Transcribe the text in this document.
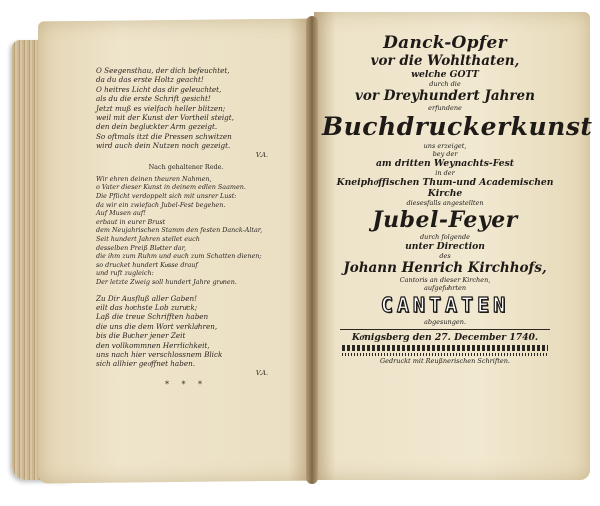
O Seegensthau, der dich befeuchtet,
da du das erste Holtz geacht!
O heitres Licht das dir geleuchtet,
als du die erste Schrift gesicht!
Jetzt muß es vielfach heller blitzen;
weil mit der Kunst der Vortheil steigt,
den dein begluͤckter Arm gezeigt.
So oftmals itzt die Pressen schwitzen
wird auch dein Nutzen noch gezeigt.
V.A.
Nach gehaltener Rede.
Wir ehren deinen theuren Nahmen,
o Vater dieser Kunst in deinem edlen Saamen.
Die Pflicht verdoppelt sich mit unsrer Lust:
da wir ein zwiefach Jubel-Fest begehen.
Auf Musen auf!
erbaut in eurer Brust
dem Neujahrischen Stamm den festen Danck-Altar,
Seit hundert Jahren stellet euch
desselben Preiß Blaͤtter dar,
die ihm zum Ruhm und euch zum Schatten dienen;
so drucket hundert Kuͤsse drauf
und ruft zugleich:
Der letzte Zweig soll hundert Jahre gruͤnen.
Zu Dir Ausfluß aller Gaben!
eilt das hoͤchste Lob zuruͤck;
Laß die treue Schrifften haben
die uns die dem Wort verklaͤhren,
bis die Buͤcher jener Zeit
den vollkommnen Herrlichkeit,
uns nach hier verschlossnem Blick
sich allhier geoͤffnet haben.
V.A.
* * *
Danck-Opfer
vor die Wohlthaten,
welche GOTT
durch die
vor Dreyhundert Jahren
erfundene
Buchdruckerkunst
uns erzeiget,
bey der
am dritten Weynachts-Fest
in der
Kneiphoͤffischen Thum-und Academischen
Kirche
diesesfalls angestellten
Jubel-Feyer
durch folgende
unter Direction
des
Johann Henrich Kirchhofs,
Cantoris an dieser Kirchen,
aufgefuͤhrten
CANTATEN
abgesungen.
Koͤnigsberg den 27. December 1740.
Gedruckt mit Reußnerischen Schriften.
